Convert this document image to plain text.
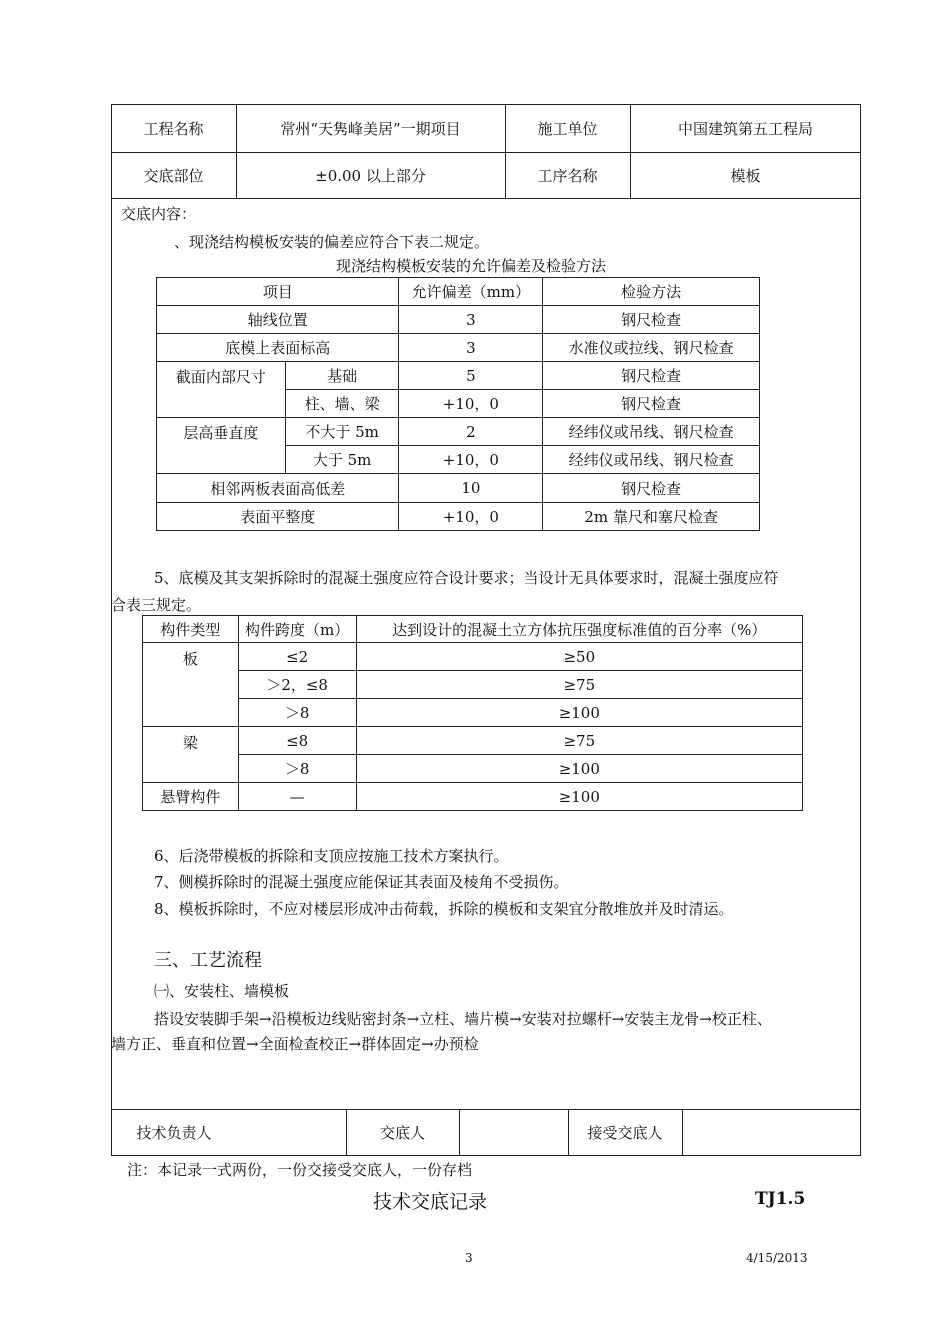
工程名称	常州“天隽峰美居”一期项目	施工单位	中国建筑第五工程局
交底部位	±0.00 以上部分	工序名称	模板
交底内容：
、现浇结构模板安装的偏差应符合下表二规定。
现浇结构模板安装的允许偏差及检验方法
项目		允许偏差（mm）	检验方法
轴线位置		3	钢尺检查
底模上表面标高		3	水准仪或拉线、钢尺检查
截面内部尺寸	基础	5	钢尺检查
	柱、墙、梁	+10，0	钢尺检查
层高垂直度	不大于 5m	2	经纬仪或吊线、钢尺检查
	大于 5m	+10，0	经纬仪或吊线、钢尺检查
相邻两板表面高低差		10	钢尺检查
表面平整度		+10，0	2m 靠尺和塞尺检查
5、底模及其支架拆除时的混凝土强度应符合设计要求；当设计无具体要求时，混凝土强度应符
合表三规定。
构件类型	构件跨度（m）	达到设计的混凝土立方体抗压强度标准值的百分率（%）
板	≤2	≥50
	＞2，≤8	≥75
	＞8	≥100
梁	≤8	≥75
	＞8	≥100
悬臂构件	—	≥100
6、后浇带模板的拆除和支顶应按施工技术方案执行。
7、侧模拆除时的混凝土强度应能保证其表面及棱角不受损伤。
8、模板拆除时，不应对楼层形成冲击荷载，拆除的模板和支架宜分散堆放并及时清运。
三、工艺流程
㈠、安装柱、墙模板
搭设安装脚手架→沿模板边线贴密封条→立柱、墙片模→安装对拉螺杆→安装主龙骨→校正柱、
墙方正、垂直和位置→全面检查校正→群体固定→办预检
技术负责人	交底人	接受交底人
注：本记录一式两份，一份交接受交底人，一份存档
技术交底记录	TJ1.5
3	4/15/2013
